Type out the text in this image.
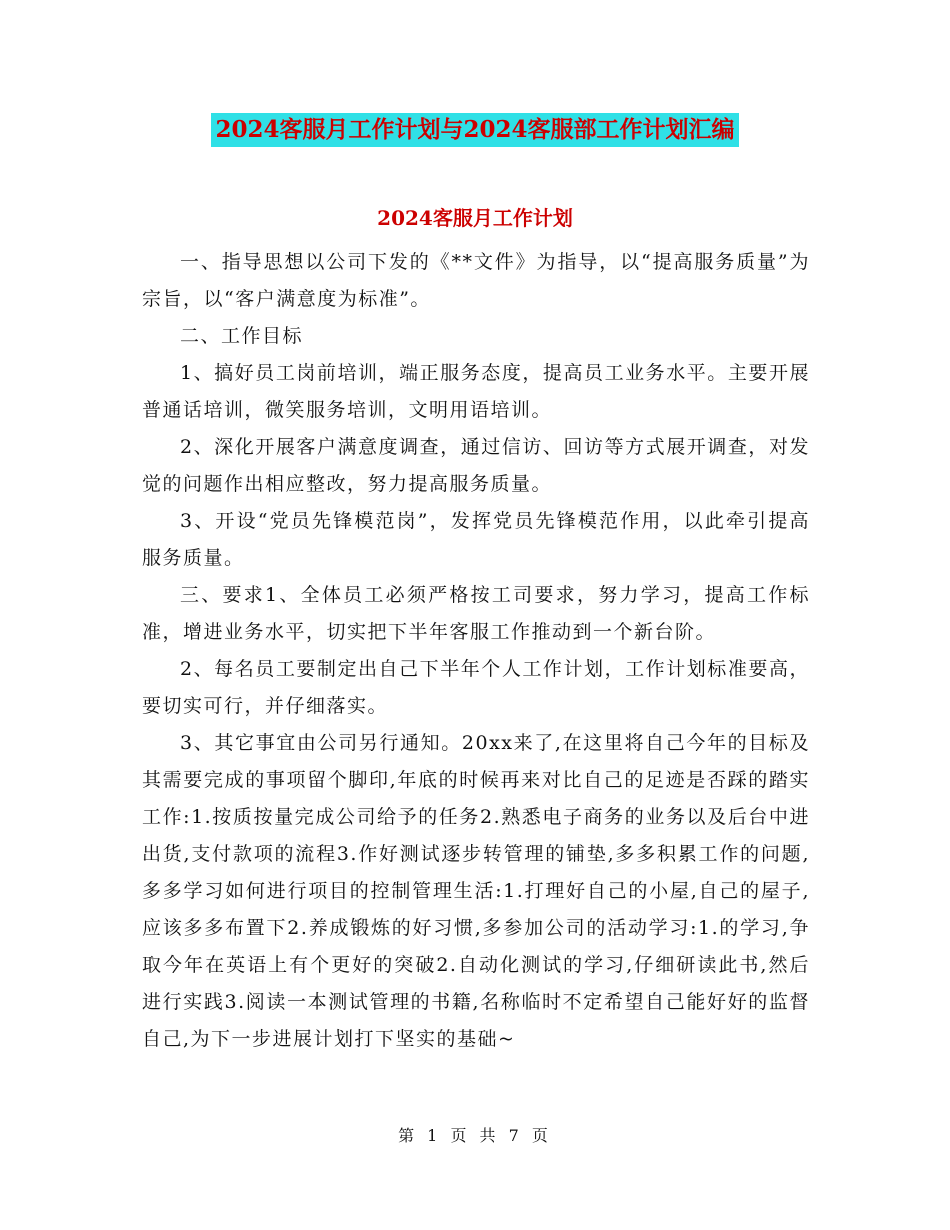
2024客服月工作计划与2024客服部工作计划汇编
2024客服月工作计划

一、指导思想以公司下发的《**文件》为指导，以“提高服务质量”为宗旨，以“客户满意度为标准”。

二、工作目标

1、搞好员工岗前培训，端正服务态度，提高员工业务水平。主要开展普通话培训，微笑服务培训，文明用语培训。

2、深化开展客户满意度调查，通过信访、回访等方式展开调查，对发觉的问题作出相应整改，努力提高服务质量。

3、开设“党员先锋模范岗”，发挥党员先锋模范作用，以此牵引提高服务质量。

三、要求1、全体员工必须严格按工司要求，努力学习，提高工作标准，增进业务水平，切实把下半年客服工作推动到一个新台阶。

2、每名员工要制定出自己下半年个人工作计划，工作计划标准要高，要切实可行，并仔细落实。

3、其它事宜由公司另行通知。20xx来了,在这里将自己今年的目标及其需要完成的事项留个脚印,年底的时候再来对比自己的足迹是否踩的踏实工作:1.按质按量完成公司给予的任务2.熟悉电子商务的业务以及后台中进出货,支付款项的流程3.作好测试逐步转管理的铺垫,多多积累工作的问题,多多学习如何进行项目的控制管理生活:1.打理好自己的小屋,自己的屋子,应该多多布置下2.养成锻炼的好习惯,多参加公司的活动学习:1.的学习,争取今年在英语上有个更好的突破2.自动化测试的学习,仔细研读此书,然后进行实践3.阅读一本测试管理的书籍,名称临时不定希望自己能好好的监督自己,为下一步进展计划打下坚实的基础~

第 1 页 共 7 页
